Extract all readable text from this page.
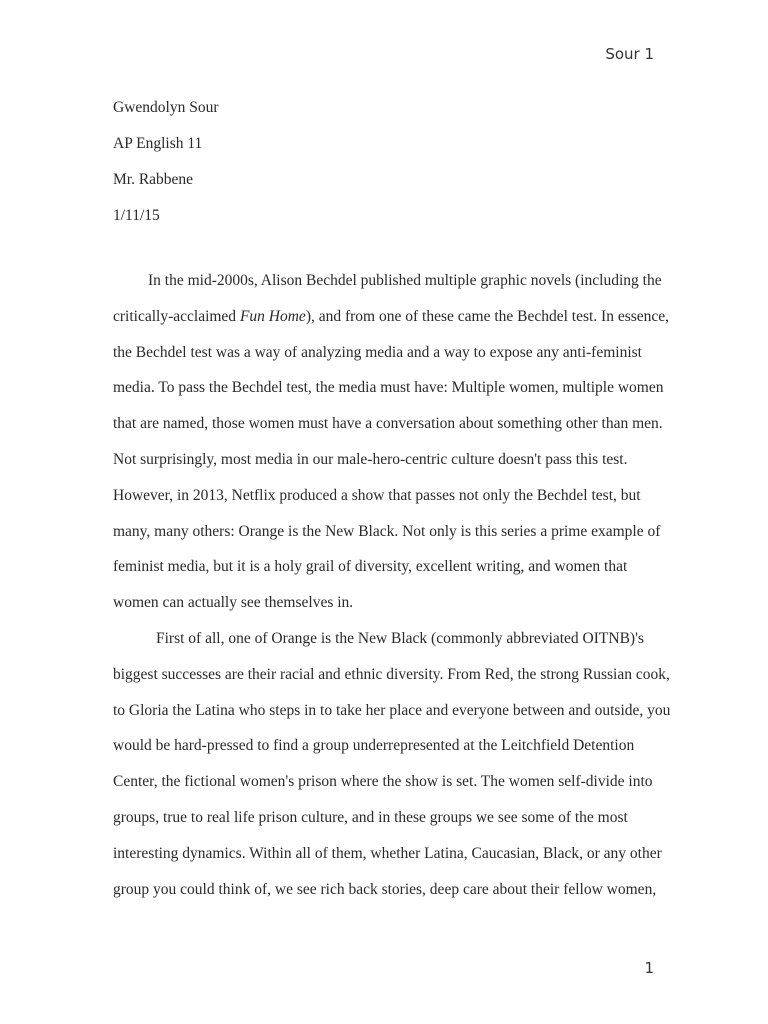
Sour 1
Gwendolyn Sour
AP English 11
Mr. Rabbene
1/11/15
In the mid-2000s, Alison Bechdel published multiple graphic novels (including the
critically-acclaimed Fun Home), and from one of these came the Bechdel test. In essence,
the Bechdel test was a way of analyzing media and a way to expose any anti-feminist
media. To pass the Bechdel test, the media must have: Multiple women, multiple women
that are named, those women must have a conversation about something other than men.
Not surprisingly, most media in our male-hero-centric culture doesn't pass this test.
However, in 2013, Netflix produced a show that passes not only the Bechdel test, but
many, many others: Orange is the New Black. Not only is this series a prime example of
feminist media, but it is a holy grail of diversity, excellent writing, and women that
women can actually see themselves in.
First of all, one of Orange is the New Black (commonly abbreviated OITNB)'s
biggest successes are their racial and ethnic diversity. From Red, the strong Russian cook,
to Gloria the Latina who steps in to take her place and everyone between and outside, you
would be hard-pressed to find a group underrepresented at the Leitchfield Detention
Center, the fictional women's prison where the show is set. The women self-divide into
groups, true to real life prison culture, and in these groups we see some of the most
interesting dynamics. Within all of them, whether Latina, Caucasian, Black, or any other
group you could think of, we see rich back stories, deep care about their fellow women,
1
